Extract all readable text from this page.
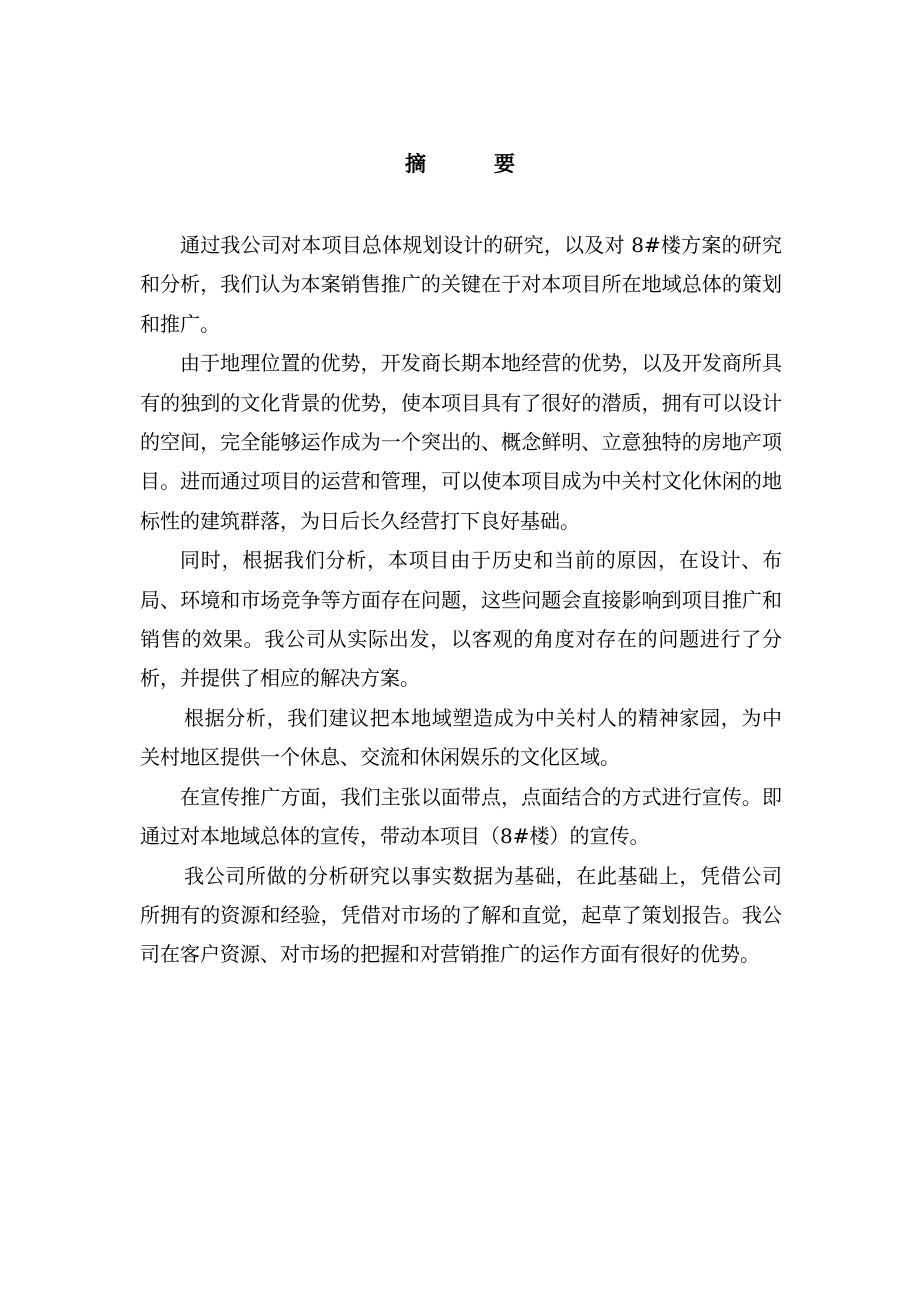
摘	要

通过我公司对本项目总体规划设计的研究，以及对 8#楼方案的研究和分析，我们认为本案销售推广的关键在于对本项目所在地域总体的策划和推广。

由于地理位置的优势，开发商长期本地经营的优势，以及开发商所具有的独到的文化背景的优势，使本项目具有了很好的潜质，拥有可以设计的空间，完全能够运作成为一个突出的、概念鲜明、立意独特的房地产项目。进而通过项目的运营和管理，可以使本项目成为中关村文化休闲的地标性的建筑群落，为日后长久经营打下良好基础。

同时，根据我们分析，本项目由于历史和当前的原因，在设计、布局、环境和市场竞争等方面存在问题，这些问题会直接影响到项目推广和销售的效果。我公司从实际出发，以客观的角度对存在的问题进行了分析，并提供了相应的解决方案。

根据分析，我们建议把本地域塑造成为中关村人的精神家园，为中关村地区提供一个休息、交流和休闲娱乐的文化区域。

在宣传推广方面，我们主张以面带点，点面结合的方式进行宣传。即通过对本地域总体的宣传，带动本项目（8#楼）的宣传。

我公司所做的分析研究以事实数据为基础，在此基础上，凭借公司所拥有的资源和经验，凭借对市场的了解和直觉，起草了策划报告。我公司在客户资源、对市场的把握和对营销推广的运作方面有很好的优势。
